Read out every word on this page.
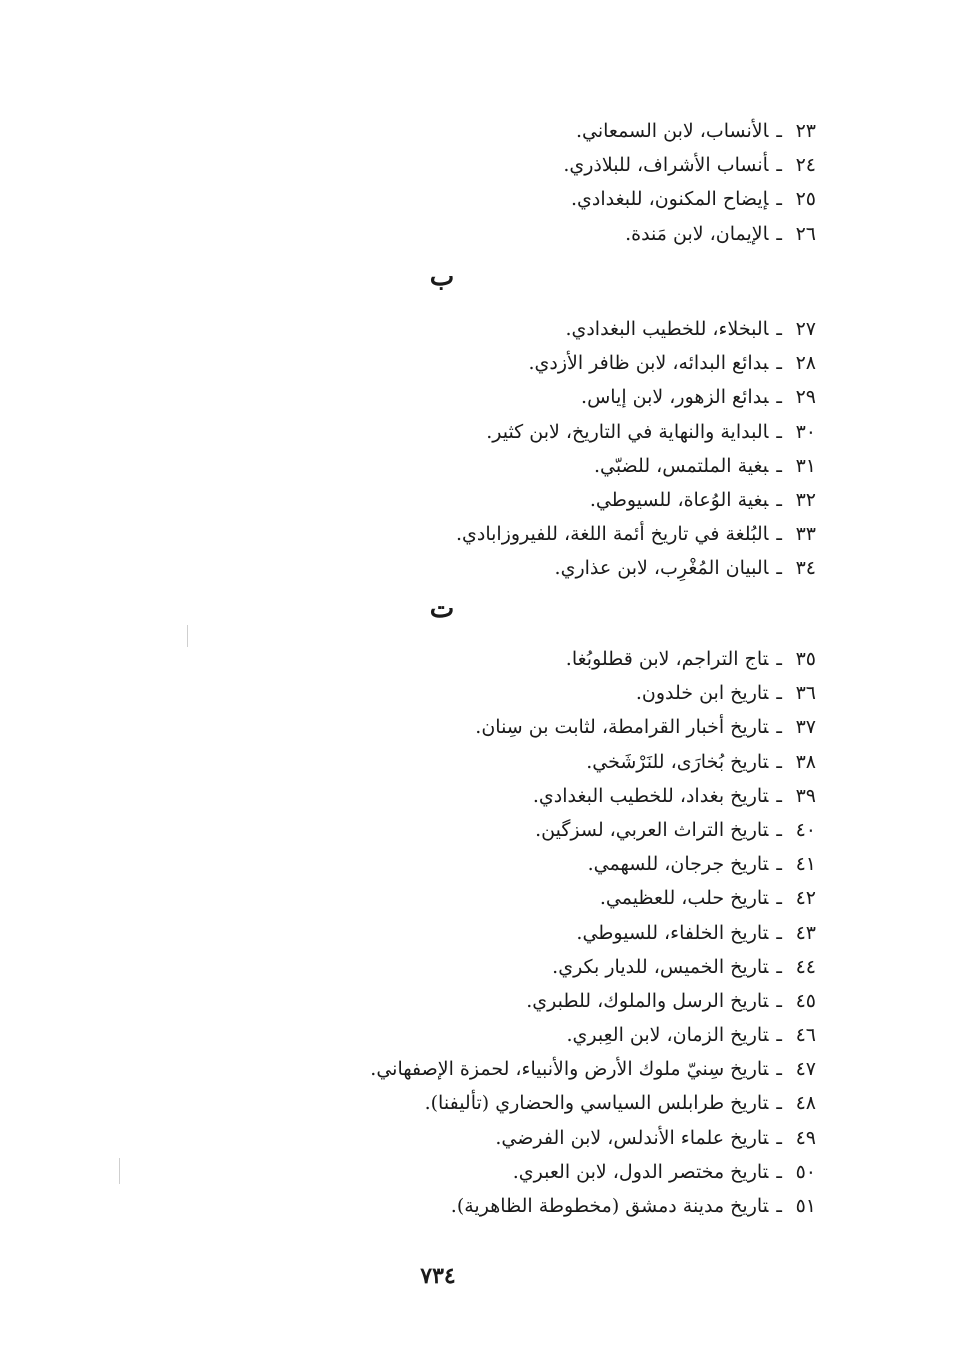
٢٣ـالأنساب، لابن السمعاني.
٢٤ـأنساب الأشراف، للبلاذري.
٢٥ـإيضاح المكنون، للبغدادي.
٢٦ـالإيمان، لابن مَندة.
ب
٢٧ـالبخلاء، للخطيب البغدادي.
٢٨ـبدائع البدائه، لابن ظافر الأزدي.
٢٩ـبدائع الزهور، لابن إياس.
٣٠ـالبداية والنهاية في التاريخ، لابن كثير.
٣١ـبغية الملتمس، للضبّي.
٣٢ـبغية الوُعاة، للسيوطي.
٣٣ـالبُلغة في تاريخ أئمة اللغة، للفيروزابادي.
٣٤ـالبيان المُغْرِب، لابن عذاري.
ت
٣٥ـتاج التراجم، لابن قطلوبُغا.
٣٦ـتاريخ ابن خلدون.
٣٧ـتاريخ أخبار القرامطة، لثابت بن سِنان.
٣٨ـتاريخ بُخارَى، للنَرْشَخي.
٣٩ـتاريخ بغداد، للخطيب البغدادي.
٤٠ـتاريخ التراث العربي، لسزگين.
٤١ـتاريخ جرجان، للسهمي.
٤٢ـتاريخ حلب، للعظيمي.
٤٣ـتاريخ الخلفاء، للسيوطي.
٤٤ـتاريخ الخميس، للديار بكري.
٤٥ـتاريخ الرسل والملوك، للطبري.
٤٦ـتاريخ الزمان، لابن العِبري.
٤٧ـتاريخ سِنيّ ملوك الأرض والأنبياء، لحمزة الإصفهاني.
٤٨ـتاريخ طرابلس السياسي والحضاري (تأليفنا).
٤٩ـتاريخ علماء الأندلس، لابن الفرضي.
٥٠ـتاريخ مختصر الدول، لابن العبري.
٥١ـتاريخ مدينة دمشق (مخطوطة الظاهرية).
٧٣٤
